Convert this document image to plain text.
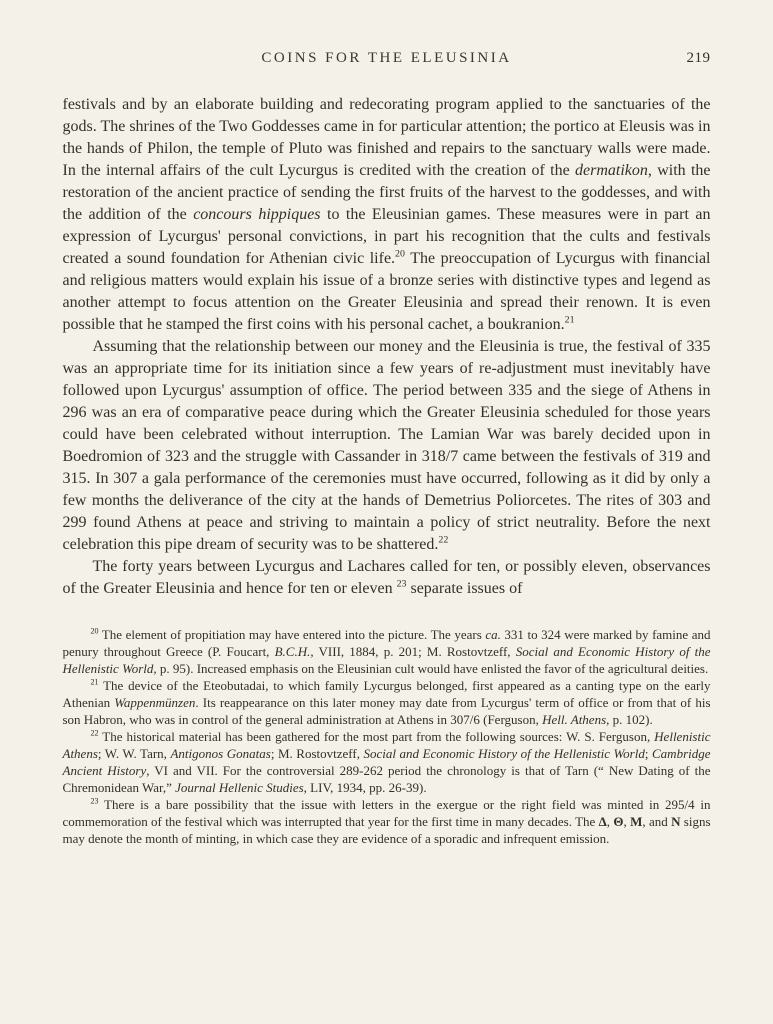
COINS FOR THE ELEUSINIA	219

festivals and by an elaborate building and redecorating program applied to the sanctuaries of the gods. The shrines of the Two Goddesses came in for particular attention; the portico at Eleusis was in the hands of Philon, the temple of Pluto was finished and repairs to the sanctuary walls were made. In the internal affairs of the cult Lycurgus is credited with the creation of the dermatikon, with the restoration of the ancient practice of sending the first fruits of the harvest to the goddesses, and with the addition of the concours hippiques to the Eleusinian games. These measures were in part an expression of Lycurgus' personal convictions, in part his recognition that the cults and festivals created a sound foundation for Athenian civic life.$^{20}$ The preoccupation of Lycurgus with financial and religious matters would explain his issue of a bronze series with distinctive types and legend as another attempt to focus attention on the Greater Eleusinia and spread their renown. It is even possible that he stamped the first coins with his personal cachet, a boukranion.$^{21}$

Assuming that the relationship between our money and the Eleusinia is true, the festival of 335 was an appropriate time for its initiation since a few years of re-adjustment must inevitably have followed upon Lycurgus' assumption of office. The period between 335 and the siege of Athens in 296 was an era of comparative peace during which the Greater Eleusinia scheduled for those years could have been celebrated without interruption. The Lamian War was barely decided upon in Boedromion of 323 and the struggle with Cassander in 318/7 came between the festivals of 319 and 315. In 307 a gala performance of the ceremonies must have occurred, following as it did by only a few months the deliverance of the city at the hands of Demetrius Poliorcetes. The rites of 303 and 299 found Athens at peace and striving to maintain a policy of strict neutrality. Before the next celebration this pipe dream of security was to be shattered.$^{22}$

The forty years between Lycurgus and Lachares called for ten, or possibly eleven, observances of the Greater Eleusinia and hence for ten or eleven $^{23}$ separate issues of

$^{20}$ The element of propitiation may have entered into the picture. The years ca. 331 to 324 were marked by famine and penury throughout Greece (P. Foucart, B.C.H., VIII, 1884, p. 201; M. Rostovtzeff, Social and Economic History of the Hellenistic World, p. 95). Increased emphasis on the Eleusinian cult would have enlisted the favor of the agricultural deities.

$^{21}$ The device of the Eteobutadai, to which family Lycurgus belonged, first appeared as a canting type on the early Athenian Wappenmünzen. Its reappearance on this later money may date from Lycurgus' term of office or from that of his son Habron, who was in control of the general administration at Athens in 307/6 (Ferguson, Hell. Athens, p. 102).

$^{22}$ The historical material has been gathered for the most part from the following sources: W. S. Ferguson, Hellenistic Athens; W. W. Tarn, Antigonos Gonatas; M. Rostovtzeff, Social and Economic History of the Hellenistic World; Cambridge Ancient History, VI and VII. For the controversial 289-262 period the chronology is that of Tarn (“ New Dating of the Chremonidean War,” Journal Hellenic Studies, LIV, 1934, pp. 26-39).

$^{23}$ There is a bare possibility that the issue with letters in the exergue or the right field was minted in 295/4 in commemoration of the festival which was interrupted that year for the first time in many decades. The Δ, Θ, M, and N signs may denote the month of minting, in which case they are evidence of a sporadic and infrequent emission.
